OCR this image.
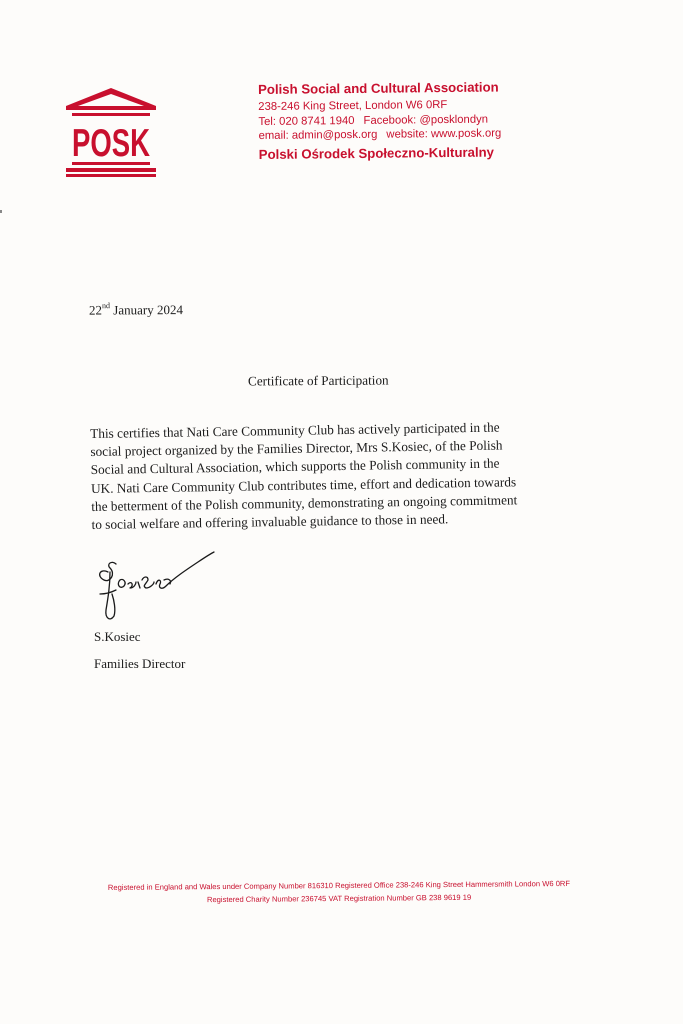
POSK
Polish Social and Cultural Association
238-246 King Street, London W6 0RF
Tel: 020 8741 1940 Facebook: @posklondyn
email: admin@posk.org website: www.posk.org
Polski Ośrodek Społeczno-Kulturalny
22nd January 2024
Certificate of Participation
This certifies that Nati Care Community Club has actively participated in the
social project organized by the Families Director, Mrs S.Kosiec, of the Polish
Social and Cultural Association, which supports the Polish community in the
UK. Nati Care Community Club contributes time, effort and dedication towards
the betterment of the Polish community, demonstrating an ongoing commitment
to social welfare and offering invaluable guidance to those in need.
S.Kosiec
Families Director
Registered in England and Wales under Company Number 816310 Registered Office 238-246 King Street Hammersmith London W6 0RF
Registered Charity Number 236745 VAT Registration Number GB 238 9619 19
